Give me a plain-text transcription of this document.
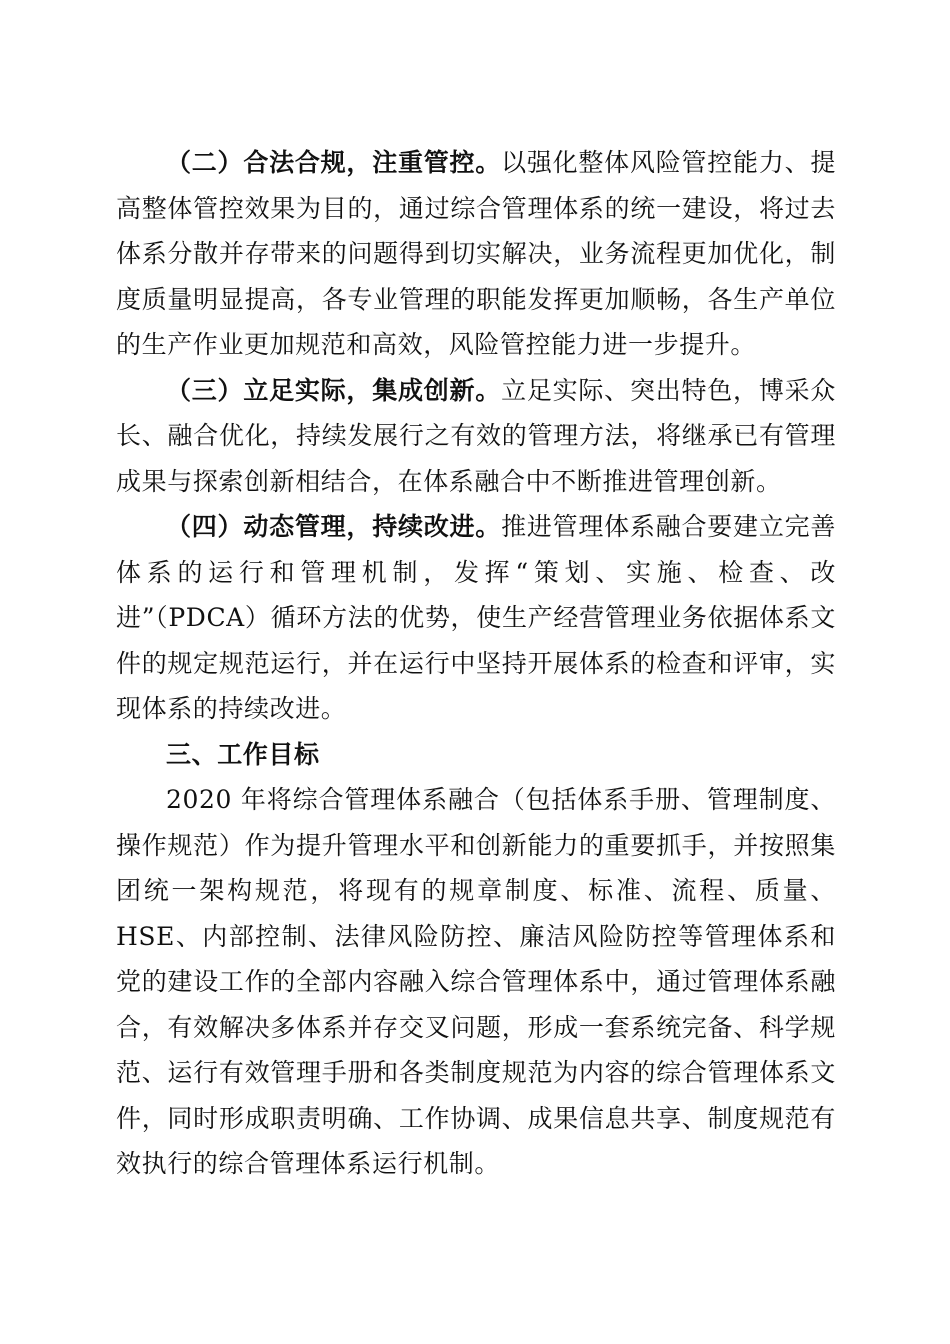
（二）合法合规，注重管控。以强化整体风险管控能力、提高整体管控效果为目的，通过综合管理体系的统一建设，将过去体系分散并存带来的问题得到切实解决，业务流程更加优化，制度质量明显提高，各专业管理的职能发挥更加顺畅，各生产单位的生产作业更加规范和高效，风险管控能力进一步提升。

（三）立足实际，集成创新。立足实际、突出特色，博采众长、融合优化，持续发展行之有效的管理方法，将继承已有管理成果与探索创新相结合，在体系融合中不断推进管理创新。

（四）动态管理，持续改进。推进管理体系融合要建立完善体系的运行和管理机制，发挥“策划、实施、检查、改进”（PDCA）循环方法的优势，使生产经营管理业务依据体系文件的规定规范运行，并在运行中坚持开展体系的检查和评审，实现体系的持续改进。

三、工作目标

2020 年将综合管理体系融合（包括体系手册、管理制度、操作规范）作为提升管理水平和创新能力的重要抓手，并按照集团统一架构规范，将现有的规章制度、标准、流程、质量、HSE、内部控制、法律风险防控、廉洁风险防控等管理体系和党的建设工作的全部内容融入综合管理体系中，通过管理体系融合，有效解决多体系并存交叉问题，形成一套系统完备、科学规范、运行有效管理手册和各类制度规范为内容的综合管理体系文件，同时形成职责明确、工作协调、成果信息共享、制度规范有效执行的综合管理体系运行机制。
